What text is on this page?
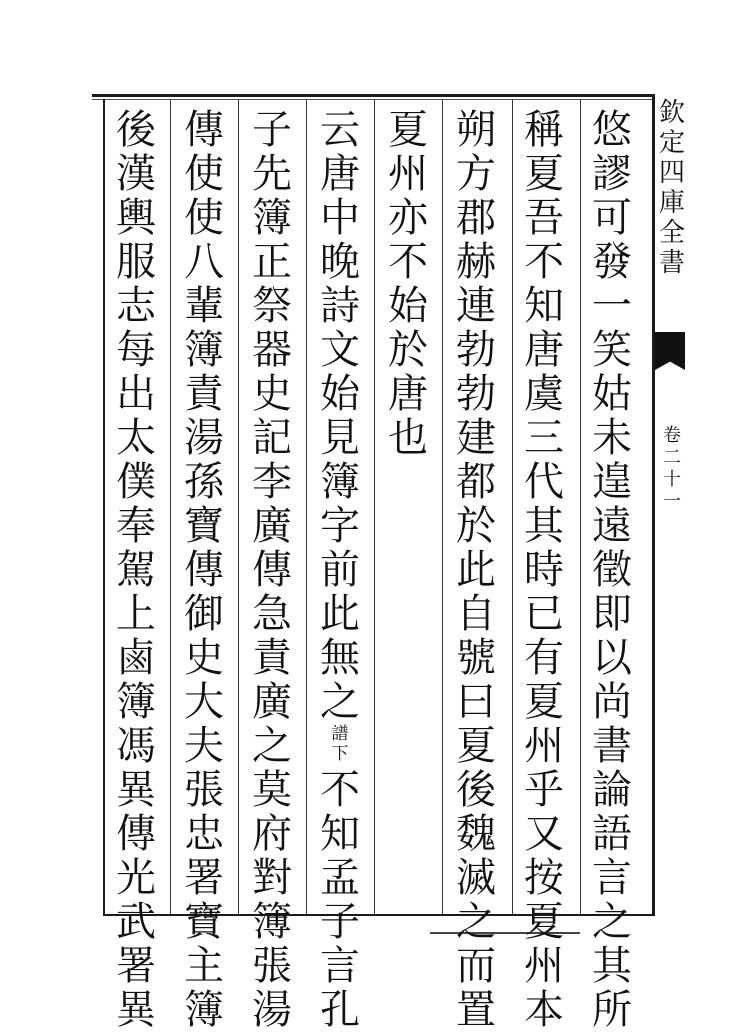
悠
謬
可
發
一
笑
姑
未
遑
遠
徵
即
以
尚
書
論
語
言
之
其
所
稱
夏
吾
不
知
唐
虞
三
代
其
時
已
有
夏
州
乎
又
按
夏
州
本
朔
方
郡
赫
連
勃
勃
建
都
於
此
自
號
曰
夏
後
魏
滅
之
而
置
夏
州
亦
不
始
於
唐
也
云
唐
中
晚
詩
文
始
見
簿
字
前
此
無
之
譜
下
不
知
孟
子
言
孔
子
先
簿
正
祭
器
史
記
李
廣
傳
急
責
廣
之
莫
府
對
簿
張
湯
傳
使
使
八
輩
簿
責
湯
孫
寶
傳
御
史
大
夫
張
忠
署
寶
主
簿
後
漢
輿
服
志
每
出
太
僕
奉
駕
上
鹵
簿
馮
異
傳
光
武
署
異
欽
定
四
庫
全
書
卷
二
十
一
